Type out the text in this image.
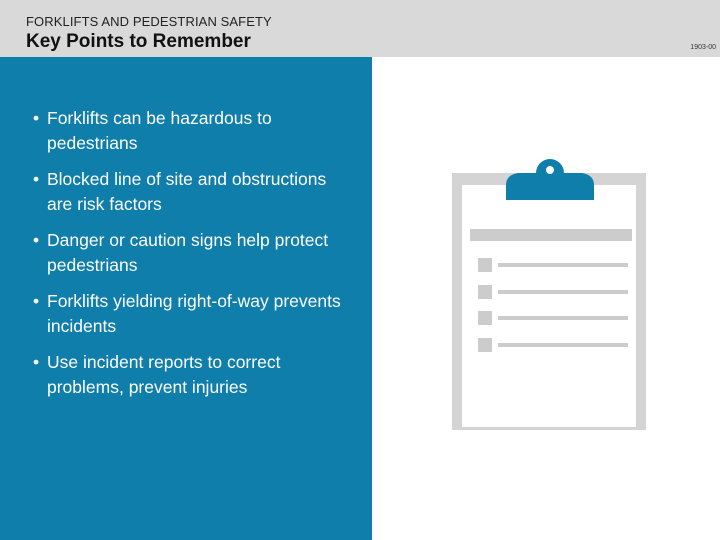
FORKLIFTS AND PEDESTRIAN SAFETY
Key Points to Remember	1903-00
• Forklifts can be hazardous to pedestrians
• Blocked line of site and obstructions are risk factors
• Danger or caution signs help protect pedestrians
• Forklifts yielding right-of-way prevents incidents
• Use incident reports to correct problems, prevent injuries
